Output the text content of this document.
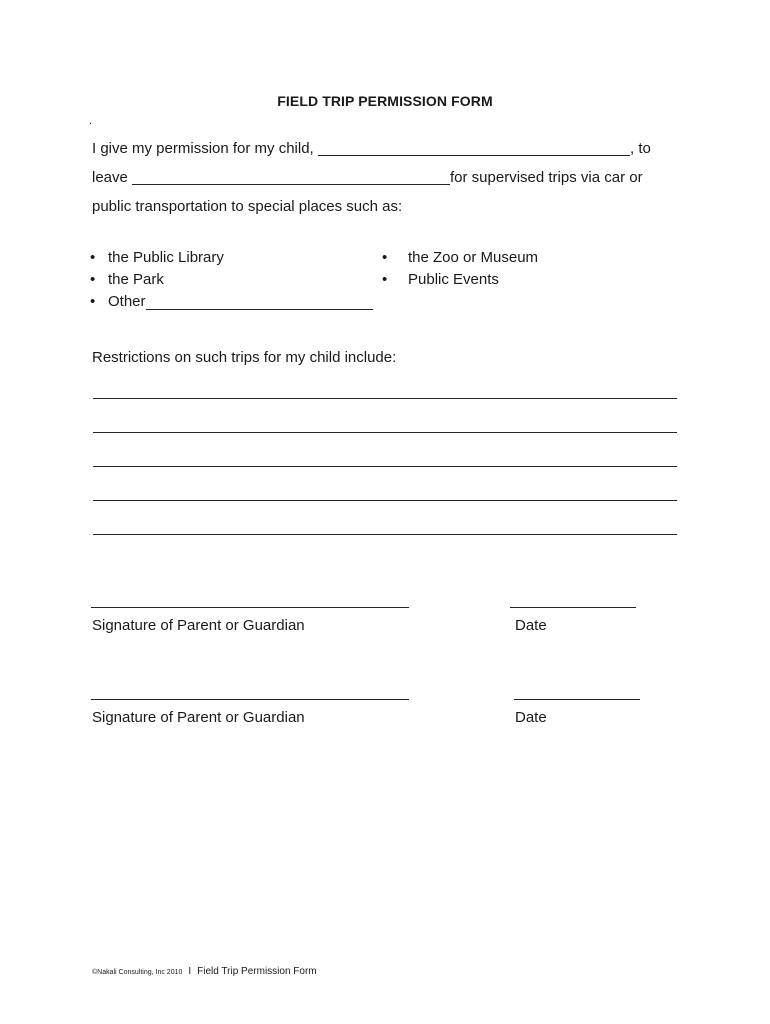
FIELD TRIP PERMISSION FORM
.
I give my permission for my child,	, to
leave	for supervised trips via car or
public transportation to special places such as:
• the Public Library
• the Park
• Other
• the Zoo or Museum
• Public Events
Restrictions on such trips for my child include:
Signature of Parent or Guardian	Date
Signature of Parent or Guardian	Date
©Nakali Consulting, Inc 2010 I Field Trip Permission Form
